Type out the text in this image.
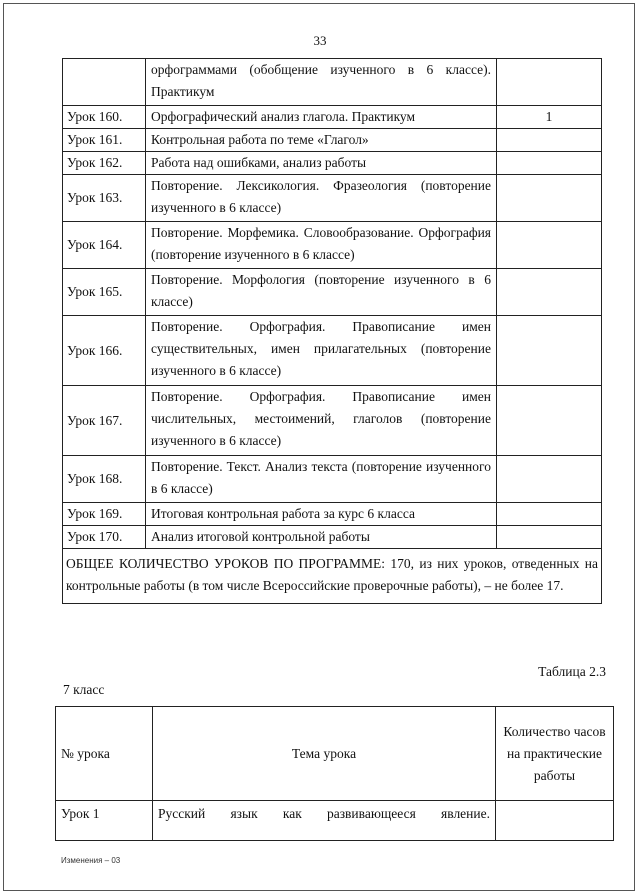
33
	орфограммами (обобщение изученного в 6 классе). Практикум	
Урок 160.	Орфографический анализ глагола. Практикум	1
Урок 161.	Контрольная работа по теме «Глагол»	
Урок 162.	Работа над ошибками, анализ работы	
Урок 163.	Повторение. Лексикология. Фразеология (повторение изученного в 6 классе)	
Урок 164.	Повторение. Морфемика. Словообразование. Орфография (повторение изученного в 6 классе)	
Урок 165.	Повторение. Морфология (повторение изученного в 6 классе)	
Урок 166.	Повторение. Орфография. Правописание имен существительных, имен прилагательных (повторение изученного в 6 классе)	
Урок 167.	Повторение. Орфография. Правописание имен числительных, местоимений, глаголов (повторение изученного в 6 классе)	
Урок 168.	Повторение. Текст. Анализ текста (повторение изученного в 6 классе)	
Урок 169.	Итоговая контрольная работа за курс 6 класса	
Урок 170.	Анализ итоговой контрольной работы	
ОБЩЕЕ КОЛИЧЕСТВО УРОКОВ ПО ПРОГРАММЕ: 170, из них уроков, отведенных на контрольные работы (в том числе Всероссийские проверочные работы), – не более 17.		
Таблица 2.3
7 класс
№ урока	Тема урока	Количество часов на практические работы
Урок 1	Русский язык как развивающееся явление.	
Изменения – 03
